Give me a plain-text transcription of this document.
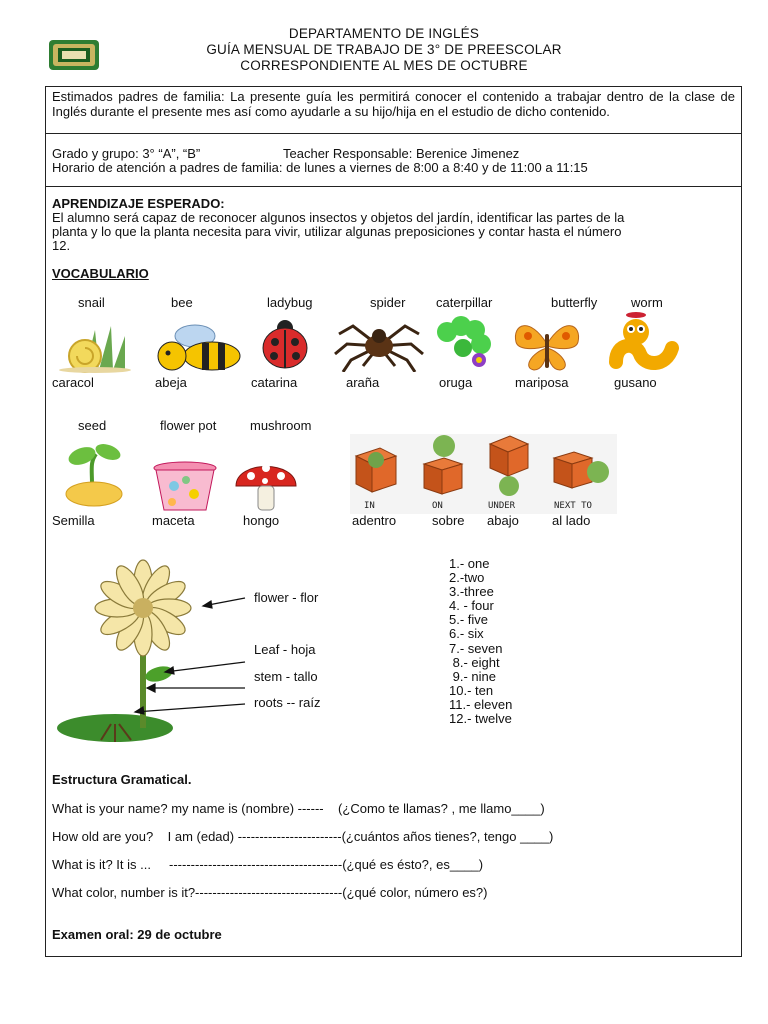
DEPARTAMENTO DE INGLÉS
GUÍA MENSUAL DE TRABAJO DE 3° DE PREESCOLAR
CORRESPONDIENTE AL MES DE OCTUBRE
Estimados padres de familia: La presente guía les permitirá conocer el contenido a trabajar dentro de la clase de Inglés durante el presente mes así como ayudarle a su hijo/hija en el estudio de dicho contenido.
Grado y grupo: 3° “A”, “B”	Teacher Responsable: Berenice Jimenez
Horario de atención a padres de familia: de lunes a viernes de 8:00 a 8:40 y de 11:00 a 11:15
APRENDIZAJE ESPERADO:
El alumno será capaz de reconocer algunos insectos y objetos del jardín, identificar las partes de la
planta y lo que la planta necesita para vivir, utilizar algunas preposiciones y contar hasta el número
12.
VOCABULARIO
snail	bee	ladybug	spider caterpillar	butterfly	worm
caracol	abeja	catarina	araña	oruga	mariposa	gusano
seed	flower pot	mushroom
IN	ON	UNDER	NEXT TO
Semilla	maceta	hongo	adentro	sobre abajo	al lado
flower - flor
Leaf - hoja
stem - tallo
roots -- raíz
1.- one
2.-two
3.-three
4. - four
5.- five
6.- six
7.- seven
8.- eight
9.- nine
10.- ten
11.- eleven
12.- twelve
Estructura Gramatical.
What is your name? my name is (nombre) ------    (¿Como te llamas? , me llamo____)
How old are you?    I am (edad) ------------------------(¿cuántos años tienes?, tengo ____)
What is it? It is ...     ----------------------------------------(¿qué es ésto?, es____)
What color, number is it?----------------------------------(¿qué color, número es?)
Examen oral: 29 de octubre
